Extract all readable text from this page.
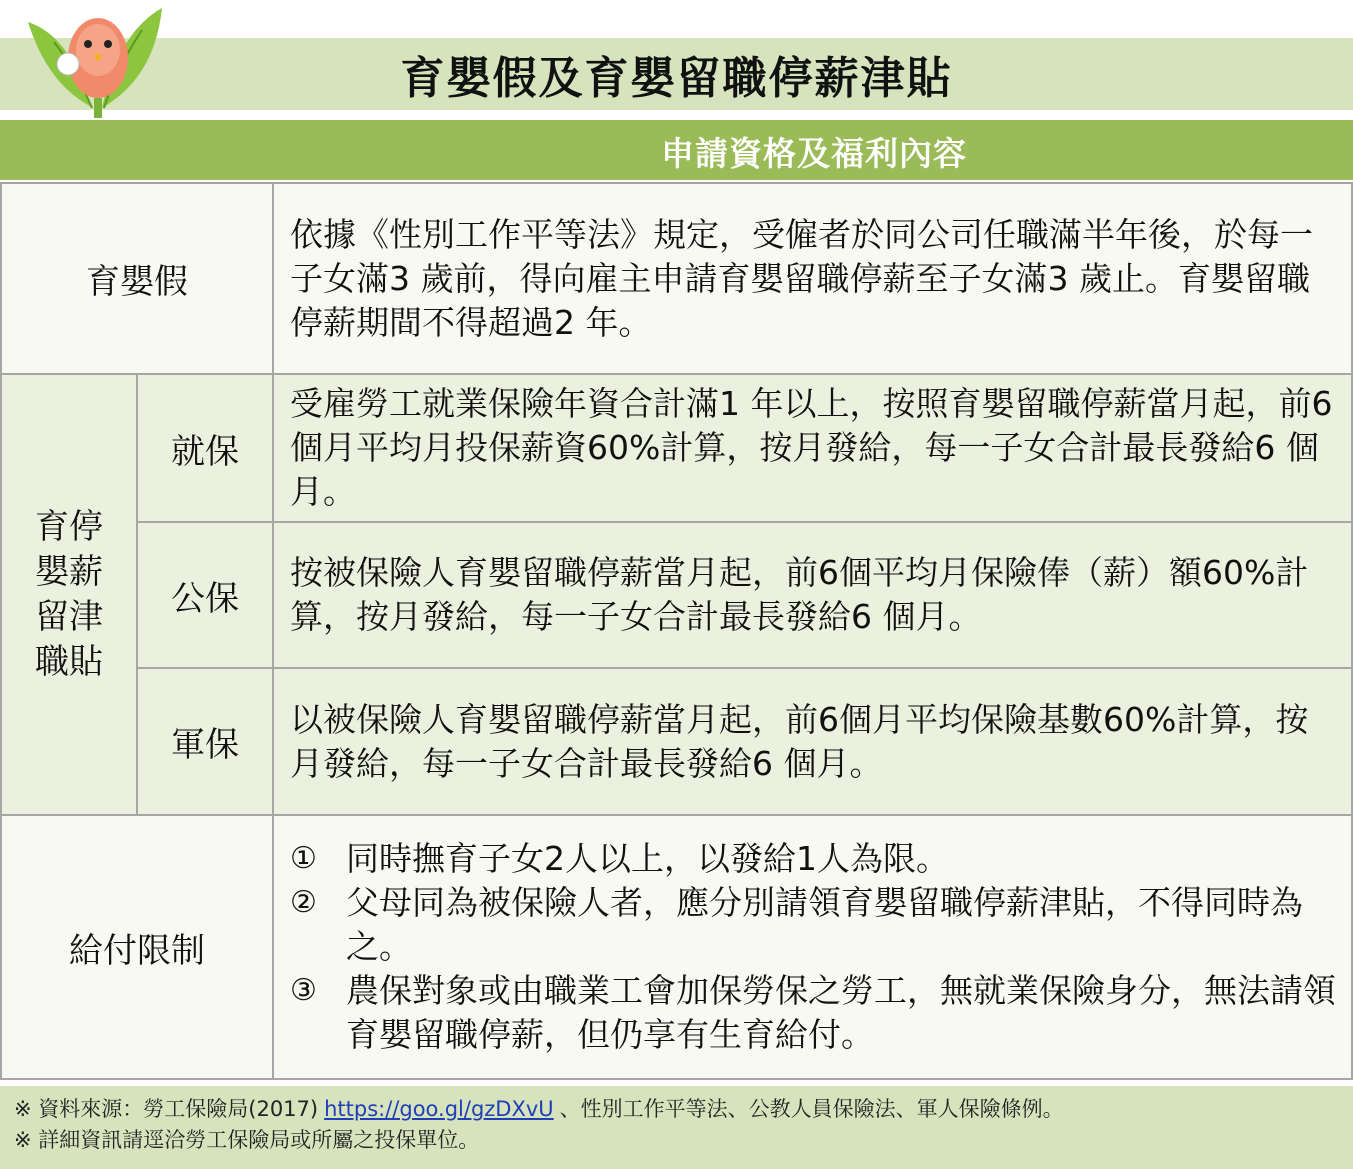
育嬰假及育嬰留職停薪津貼
申請資格及福利內容
育嬰假
依據《性別工作平等法》規定，受僱者於同公司任職滿半年後，於每一子女滿3 歲前，得向雇主申請育嬰留職停薪至子女滿3 歲止。育嬰留職停薪期間不得超過2 年。
育 停
嬰 薪
留 津
職 貼
就保
受雇勞工就業保險年資合計滿1 年以上，按照育嬰留職停薪當月起，前6 個月平均月投保薪資60%計算，按月發給，每一子女合計最長發給6 個月。
公保
按被保險人育嬰留職停薪當月起，前6個平均月保險俸（薪）額60%計算，按月發給，每一子女合計最長發給6 個月。
軍保
以被保險人育嬰留職停薪當月起，前6個月平均保險基數60%計算，按月發給，每一子女合計最長發給6 個月。
給付限制
① 同時撫育子女2人以上，以發給1人為限。
② 父母同為被保險人者，應分別請領育嬰留職停薪津貼，不得同時為之。
③ 農保對象或由職業工會加保勞保之勞工，無就業保險身分，無法請領育嬰留職停薪，但仍享有生育給付。
※ 資料來源：勞工保險局(2017) https://goo.gl/gzDXvU 、性別工作平等法、公教人員保險法、軍人保險條例。
※ 詳細資訊請逕洽勞工保險局或所屬之投保單位。
